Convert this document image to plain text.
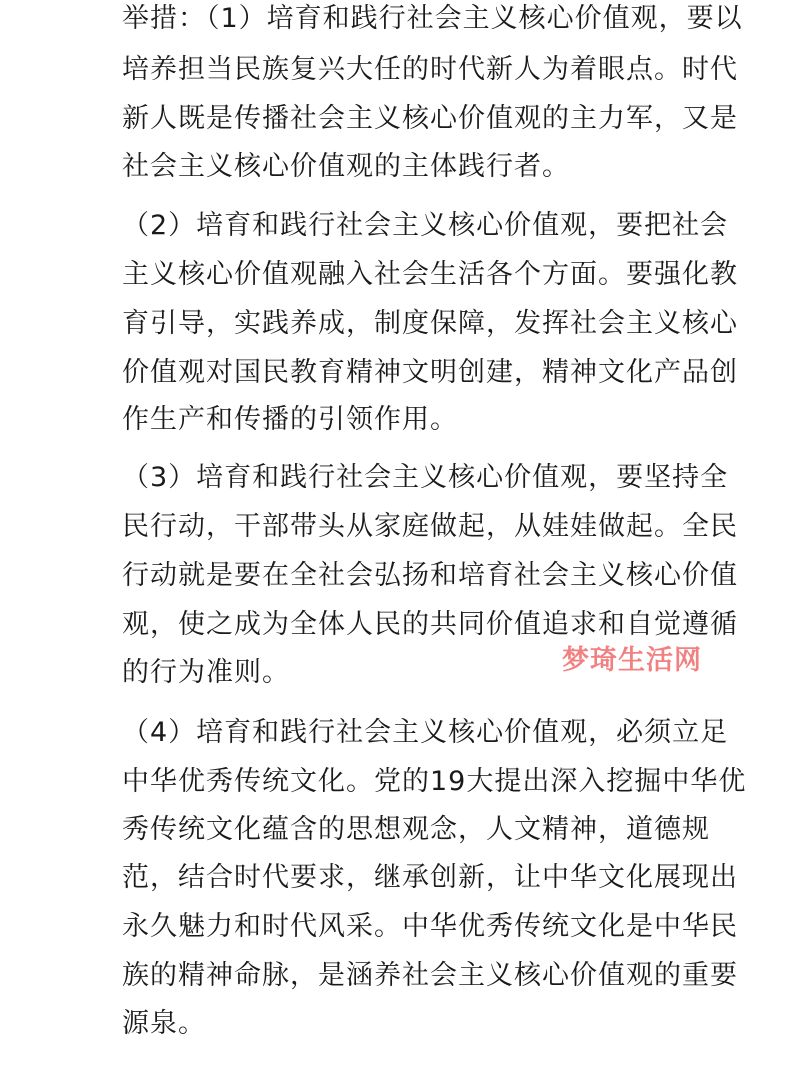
举措：（1）培育和践行社会主义核心价值观，要以
培养担当民族复兴大任的时代新人为着眼点。时代
新人既是传播社会主义核心价值观的主力军，又是
社会主义核心价值观的主体践行者。
（2）培育和践行社会主义核心价值观，要把社会
主义核心价值观融入社会生活各个方面。要强化教
育引导，实践养成，制度保障，发挥社会主义核心
价值观对国民教育精神文明创建，精神文化产品创
作生产和传播的引领作用。
（3）培育和践行社会主义核心价值观，要坚持全
民行动，干部带头从家庭做起，从娃娃做起。全民
行动就是要在全社会弘扬和培育社会主义核心价值
观，使之成为全体人民的共同价值追求和自觉遵循
的行为准则。
（4）培育和践行社会主义核心价值观，必须立足
中华优秀传统文化。党的19大提出深入挖掘中华优
秀传统文化蕴含的思想观念，人文精神，道德规
范，结合时代要求，继承创新，让中华文化展现出
永久魅力和时代风采。中华优秀传统文化是中华民
族的精神命脉，是涵养社会主义核心价值观的重要
源泉。
梦琦生活网
